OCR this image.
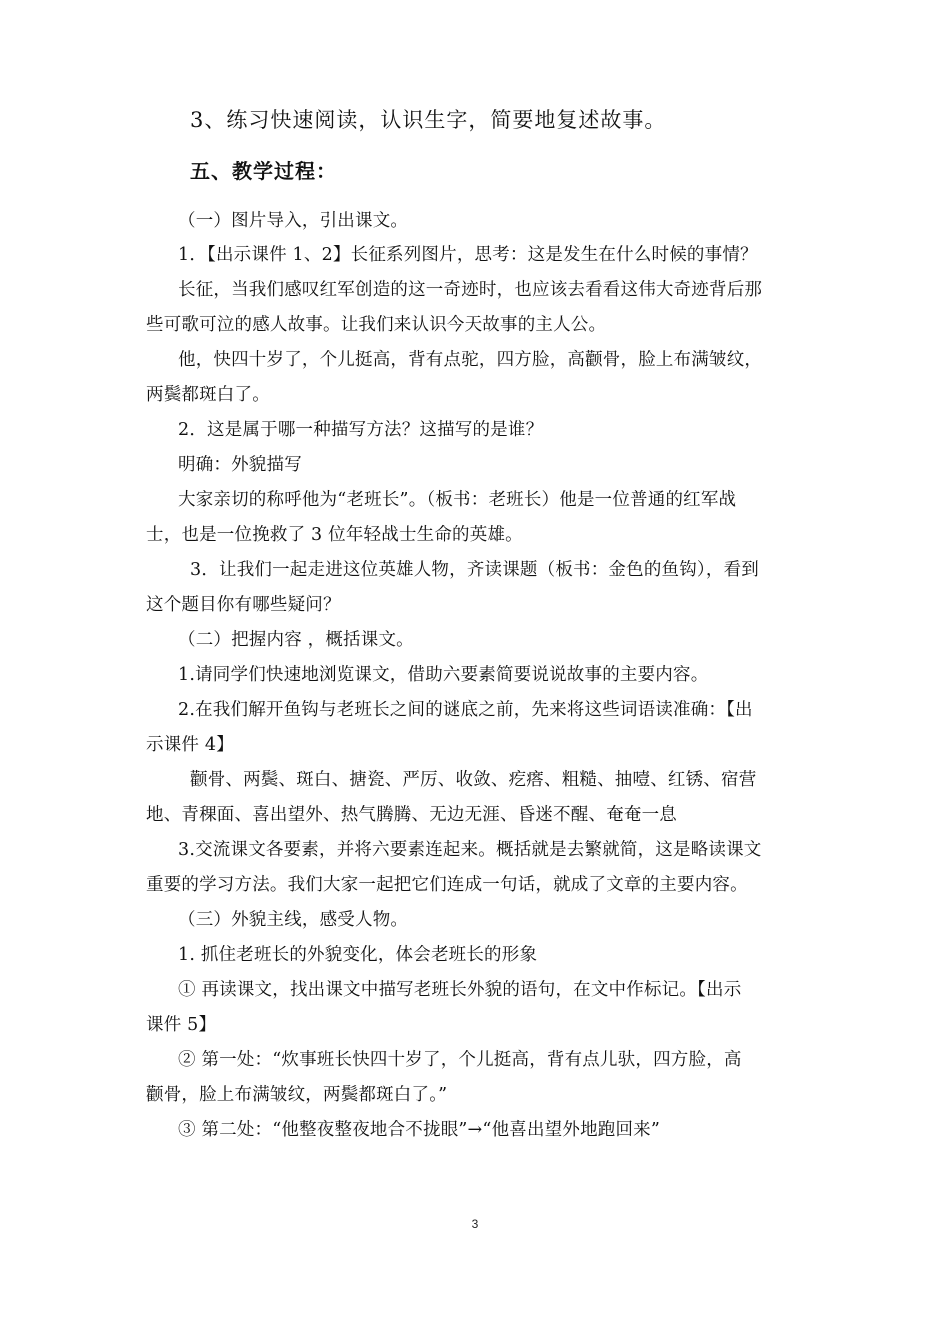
3、练习快速阅读，认识生字，简要地复述故事。
五、教学过程：
（一）图片导入，引出课文。
1．【出示课件 1、2】长征系列图片，思考：这是发生在什么时候的事情？
长征，当我们感叹红军创造的这一奇迹时，也应该去看看这伟大奇迹背后那
些可歌可泣的感人故事。让我们来认识今天故事的主人公。
他，快四十岁了，个儿挺高，背有点驼，四方脸，高颧骨，脸上布满皱纹，
两鬓都斑白了。
2．这是属于哪一种描写方法？这描写的是谁？
明确：外貌描写
大家亲切的称呼他为“老班长”。（板书：老班长）他是一位普通的红军战
士，也是一位挽救了 3 位年轻战士生命的英雄。
3．让我们一起走进这位英雄人物，齐读课题（板书：金色的鱼钩），看到
这个题目你有哪些疑问？
（二）把握内容 ，概括课文。
1.请同学们快速地浏览课文，借助六要素简要说说故事的主要内容。
2.在我们解开鱼钩与老班长之间的谜底之前，先来将这些词语读准确：【出
示课件 4】
颧骨、两鬓、斑白、搪瓷、严厉、收敛、疙瘩、粗糙、抽噎、红锈、宿营
地、青稞面、喜出望外、热气腾腾、无边无涯、昏迷不醒、奄奄一息
3.交流课文各要素，并将六要素连起来。概括就是去繁就简，这是略读课文
重要的学习方法。我们大家一起把它们连成一句话，就成了文章的主要内容。
（三）外貌主线，感受人物。
1. 抓住老班长的外貌变化，体会老班长的形象
① 再读课文，找出课文中描写老班长外貌的语句，在文中作标记。【出示
课件 5】
② 第一处：“炊事班长快四十岁了，个儿挺高，背有点儿驮，四方脸，高
颧骨，脸上布满皱纹，两鬓都斑白了。”
③ 第二处：“他整夜整夜地合不拢眼”→“他喜出望外地跑回来”
3
